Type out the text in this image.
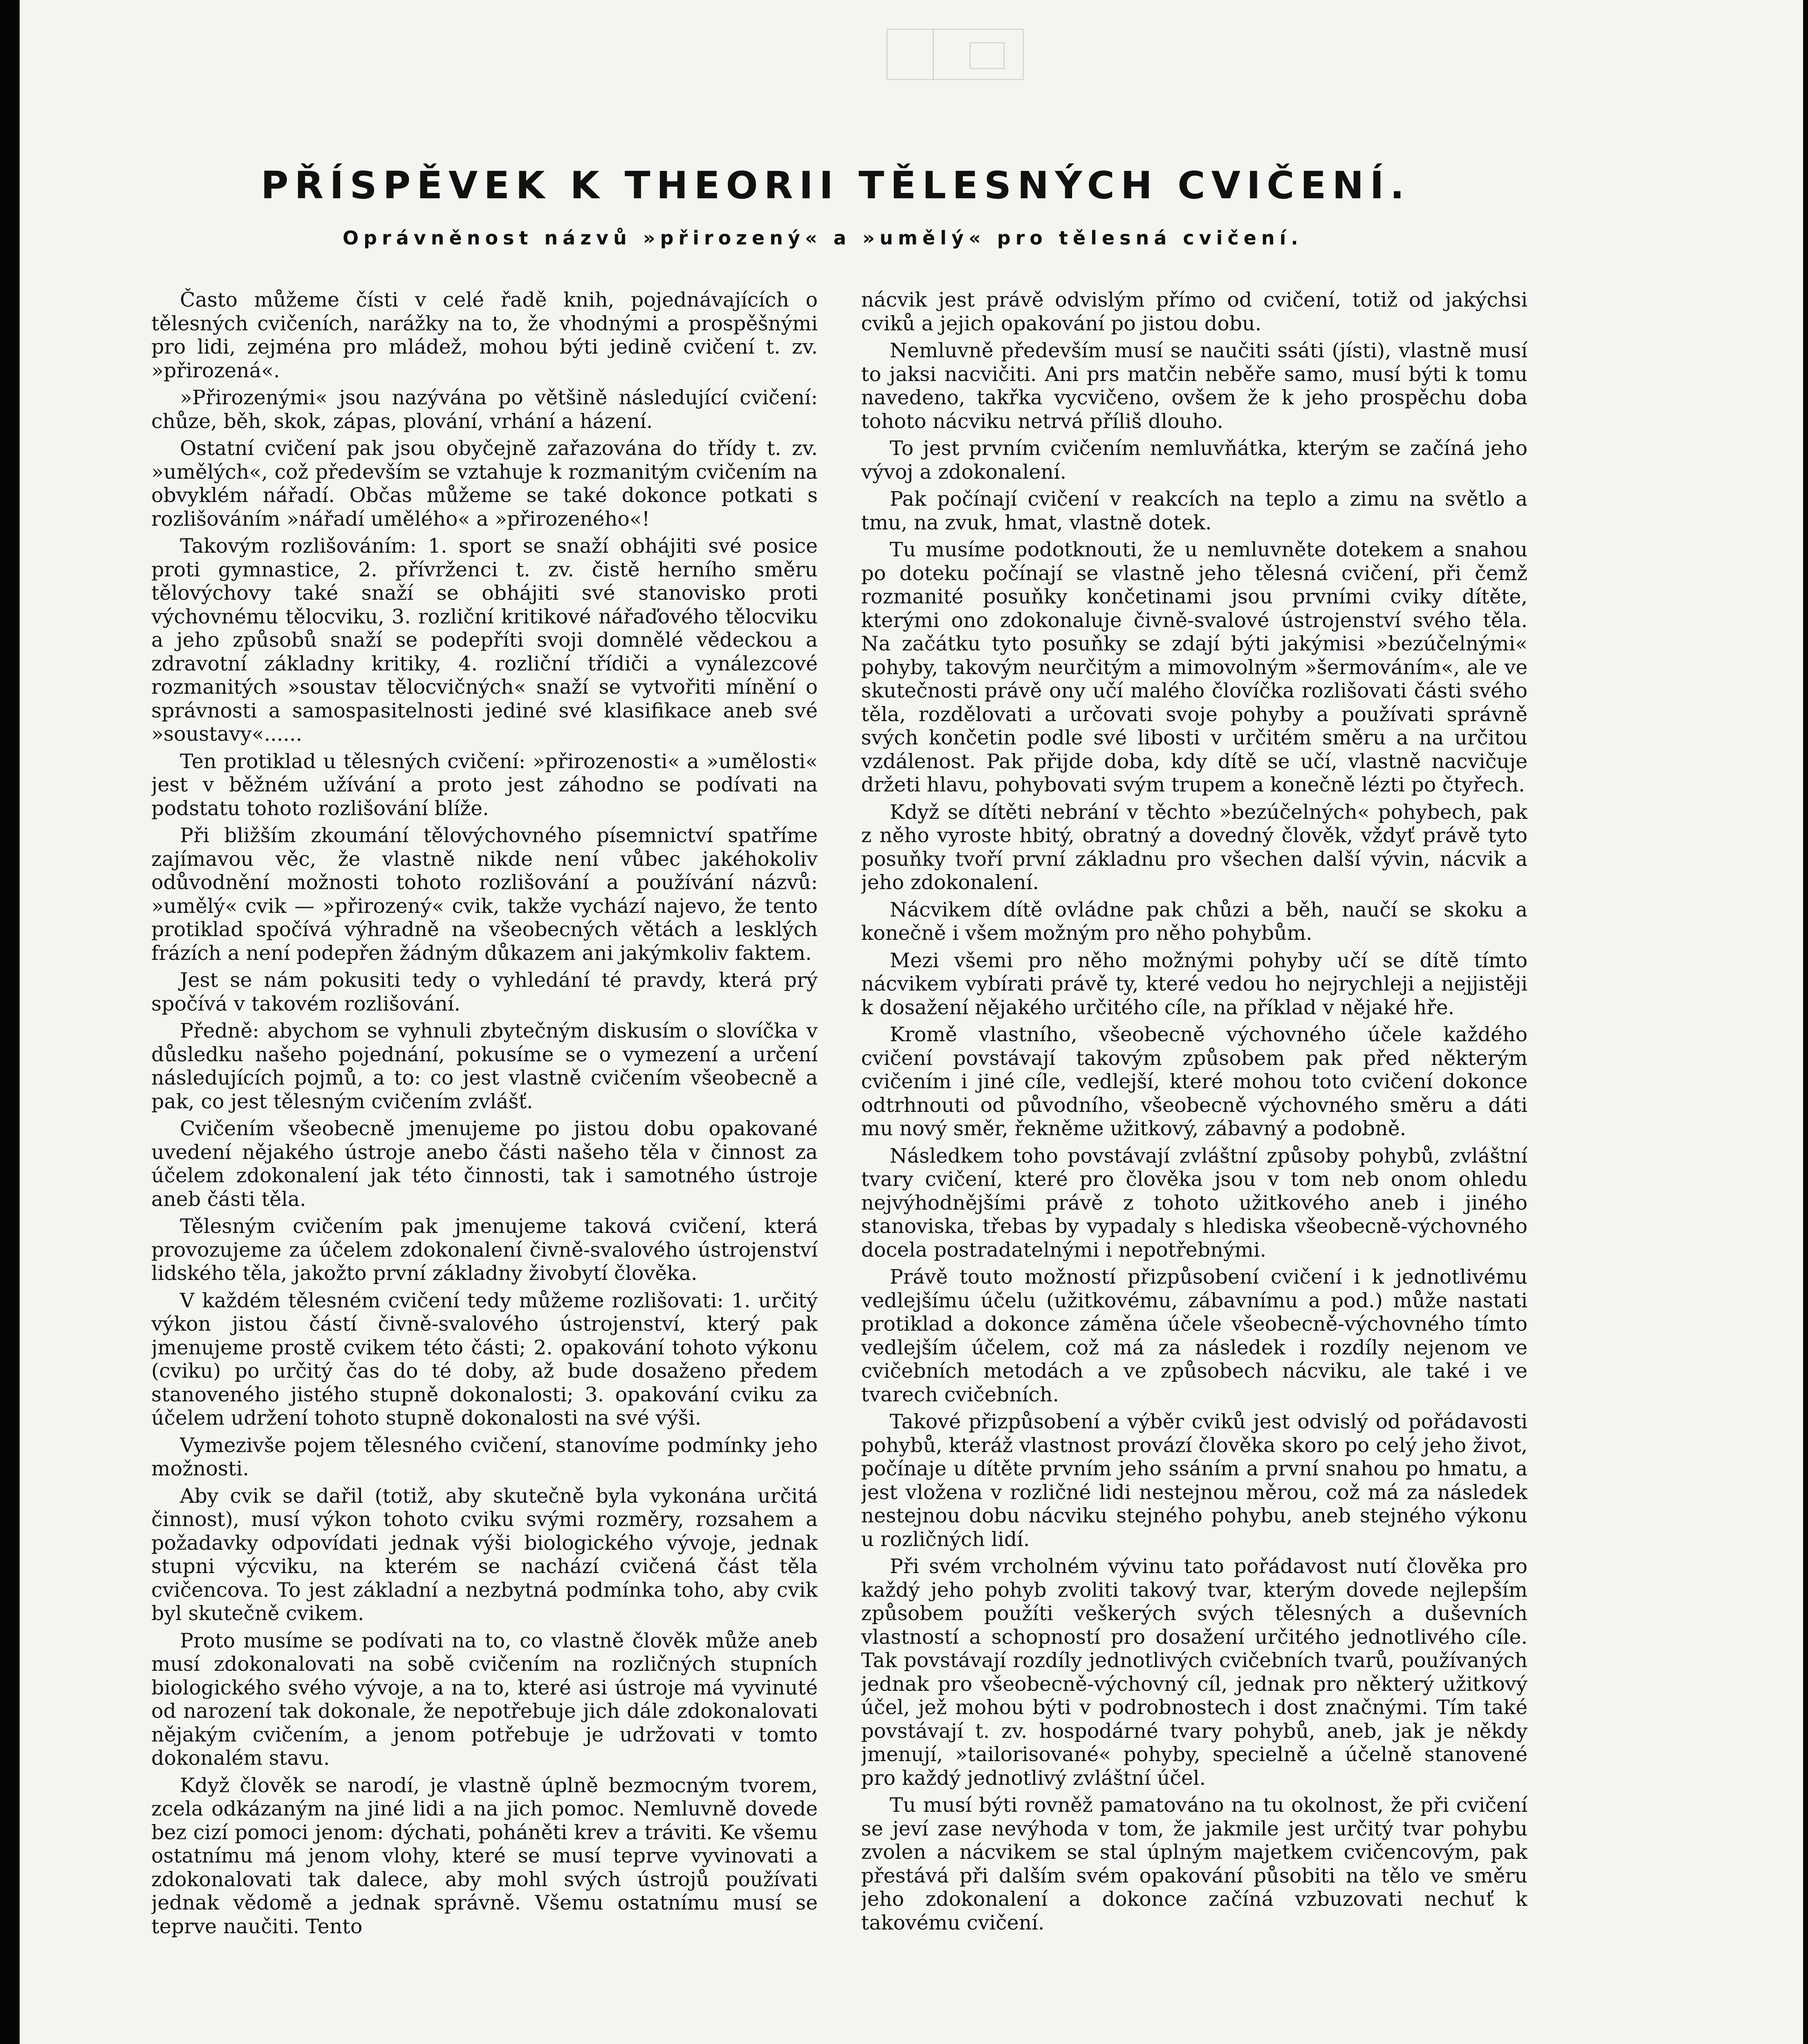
PŘÍSPĚVEK K THEORII TĚLESNÝCH CVIČENÍ.
Oprávněnost názvů »přirozený« a »umělý« pro tělesná cvičení.

Často můžeme čísti v celé řadě knih, pojednávajících o tělesných cvičeních, narážky na to, že vhodnými a prospěšnými pro lidi, zejména pro mládež, mohou býti jedině cvičení t. zv. »přirozená«.

»Přirozenými« jsou nazývána po většině následující cvičení: chůze, běh, skok, zápas, plování, vrhání a házení.

Ostatní cvičení pak jsou obyčejně zařazována do třídy t. zv. »umělých«, což především se vztahuje k rozmanitým cvičením na obvyklém nářadí. Občas můžeme se také dokonce potkati s rozlišováním »nářadí umělého« a »přirozeného«!

Takovým rozlišováním: 1. sport se snaží obhájiti své posice proti gymnastice, 2. přívrženci t. zv. čistě herního směru tělovýchovy také snaží se obhájiti své stanovisko proti výchovnému tělocviku, 3. rozliční kritikové nářaďového tělocviku a jeho způsobů snaží se podepříti svoji domnělé vědeckou a zdravotní základny kritiky, 4. rozliční třídiči a vynálezcové rozmanitých »soustav tělocvičných« snaží se vytvořiti mínění o správnosti a samospasitelnosti jediné své klasifikace aneb své »soustavy«......

Ten protiklad u tělesných cvičení: »přirozenosti« a »umělosti« jest v běžném užívání a proto jest záhodno se podívati na podstatu tohoto rozlišování blíže.

Při bližším zkoumání tělovýchovného písemnictví spatříme zajímavou věc, že vlastně nikde není vůbec jakéhokoliv odůvodnění možnosti tohoto rozlišování a používání názvů: »umělý« cvik — »přirozený« cvik, takže vychází najevo, že tento protiklad spočívá výhradně na všeobecných větách a lesklých frázích a není podepřen žádným důkazem ani jakýmkoliv faktem.

Jest se nám pokusiti tedy o vyhledání té pravdy, která prý spočívá v takovém rozlišování.

Předně: abychom se vyhnuli zbytečným diskusím o slovíčka v důsledku našeho pojednání, pokusíme se o vymezení a určení následujících pojmů, a to: co jest vlastně cvičením všeobecně a pak, co jest tělesným cvičením zvlášť.

Cvičením všeobecně jmenujeme po jistou dobu opakované uvedení nějakého ústroje anebo části našeho těla v činnost za účelem zdokonalení jak této činnosti, tak i samotného ústroje aneb části těla.

Tělesným cvičením pak jmenujeme taková cvičení, která provozujeme za účelem zdokonalení čivně-svalového ústrojenství lidského těla, jakožto první základny živobytí člověka.

V každém tělesném cvičení tedy můžeme rozlišovati: 1. určitý výkon jistou částí čivně-svalového ústrojenství, který pak jmenujeme prostě cvikem této části; 2. opakování tohoto výkonu (cviku) po určitý čas do té doby, až bude dosaženo předem stanoveného jistého stupně dokonalosti; 3. opakování cviku za účelem udržení tohoto stupně dokonalosti na své výši.

Vymezivše pojem tělesného cvičení, stanovíme podmínky jeho možnosti.

Aby cvik se dařil (totiž, aby skutečně byla vykonána určitá činnost), musí výkon tohoto cviku svými rozměry, rozsahem a požadavky odpovídati jednak výši biologického vývoje, jednak stupni výcviku, na kterém se nachází cvičená část těla cvičencova. To jest základní a nezbytná podmínka toho, aby cvik byl skutečně cvikem.

Proto musíme se podívati na to, co vlastně člověk může aneb musí zdokonalovati na sobě cvičením na rozličných stupních biologického svého vývoje, a na to, které asi ústroje má vyvinuté od narození tak dokonale, že nepotřebuje jich dále zdokonalovati nějakým cvičením, a jenom potřebuje je udržovati v tomto dokonalém stavu.

Když člověk se narodí, je vlastně úplně bezmocným tvorem, zcela odkázaným na jiné lidi a na jich pomoc. Nemluvně dovede bez cizí pomoci jenom: dýchati, poháněti krev a tráviti. Ke všemu ostatnímu má jenom vlohy, které se musí teprve vyvinovati a zdokonalovati tak dalece, aby mohl svých ústrojů používati jednak vědomě a jednak správně. Všemu ostatnímu musí se teprve naučiti. Tento

nácvik jest právě odvislým přímo od cvičení, totiž od jakýchsi cviků a jejich opakování po jistou dobu.

Nemluvně především musí se naučiti ssáti (jísti), vlastně musí to jaksi nacvičiti. Ani prs matčin neběře samo, musí býti k tomu navedeno, takřka vycvičeno, ovšem že k jeho prospěchu doba tohoto nácviku netrvá příliš dlouho.

To jest prvním cvičením nemluvňátka, kterým se začíná jeho vývoj a zdokonalení.

Pak počínají cvičení v reakcích na teplo a zimu na světlo a tmu, na zvuk, hmat, vlastně dotek.

Tu musíme podotknouti, že u nemluvněte dotekem a snahou po doteku počínají se vlastně jeho tělesná cvičení, při čemž rozmanité posuňky končetinami jsou prvními cviky dítěte, kterými ono zdokonaluje čivně-svalové ústrojenství svého těla. Na začátku tyto posuňky se zdají býti jakýmisi »bezúčelnými« pohyby, takovým neurčitým a mimovolným »šermováním«, ale ve skutečnosti právě ony učí malého človíčka rozlišovati části svého těla, rozdělovati a určovati svoje pohyby a používati správně svých končetin podle své libosti v určitém směru a na určitou vzdálenost. Pak přijde doba, kdy dítě se učí, vlastně nacvičuje držeti hlavu, pohybovati svým trupem a konečně lézti po čtyřech.

Když se dítěti nebrání v těchto »bezúčelných« pohybech, pak z něho vyroste hbitý, obratný a dovedný člověk, vždyť právě tyto posuňky tvoří první základnu pro všechen další vývin, nácvik a jeho zdokonalení.

Nácvikem dítě ovládne pak chůzi a běh, naučí se skoku a konečně i všem možným pro něho pohybům.

Mezi všemi pro něho možnými pohyby učí se dítě tímto nácvikem vybírati právě ty, které vedou ho nejrychleji a nejjistěji k dosažení nějakého určitého cíle, na příklad v nějaké hře.

Kromě vlastního, všeobecně výchovného účele každého cvičení povstávají takovým způsobem pak před některým cvičením i jiné cíle, vedlejší, které mohou toto cvičení dokonce odtrhnouti od původního, všeobecně výchovného směru a dáti mu nový směr, řekněme užitkový, zábavný a podobně.

Následkem toho povstávají zvláštní způsoby pohybů, zvláštní tvary cvičení, které pro člověka jsou v tom neb onom ohledu nejvýhodnějšími právě z tohoto užitkového aneb i jiného stanoviska, třebas by vypadaly s hlediska všeobecně-výchovného docela postradatelnými i nepotřebnými.

Právě touto možností přizpůsobení cvičení i k jednotlivému vedlejšímu účelu (užitkovému, zábavnímu a pod.) může nastati protiklad a dokonce záměna účele všeobecně-výchovného tímto vedlejším účelem, což má za následek i rozdíly nejenom ve cvičebních metodách a ve způsobech nácviku, ale také i ve tvarech cvičebních.

Takové přizpůsobení a výběr cviků jest odvislý od pořádavosti pohybů, kteráž vlastnost provází člověka skoro po celý jeho život, počínaje u dítěte prvním jeho ssáním a první snahou po hmatu, a jest vložena v rozličné lidi nestejnou měrou, což má za následek nestejnou dobu nácviku stejného pohybu, aneb stejného výkonu u rozličných lidí.

Při svém vrcholném vývinu tato pořádavost nutí člověka pro každý jeho pohyb zvoliti takový tvar, kterým dovede nejlepším způsobem použíti veškerých svých tělesných a duševních vlastností a schopností pro dosažení určitého jednotlivého cíle. Tak povstávají rozdíly jednotlivých cvičebních tvarů, používaných jednak pro všeobecně-výchovný cíl, jednak pro některý užitkový účel, jež mohou býti v podrobnostech i dost značnými. Tím také povstávají t. zv. hospodárné tvary pohybů, aneb, jak je někdy jmenují, »tailorisované« pohyby, specielně a účelně stanovené pro každý jednotlivý zvláštní účel.

Tu musí býti rovněž pamatováno na tu okolnost, že při cvičení se jeví zase nevýhoda v tom, že jakmile jest určitý tvar pohybu zvolen a nácvikem se stal úplným majetkem cvičencovým, pak přestává při dalším svém opakování působiti na tělo ve směru jeho zdokonalení a dokonce začíná vzbuzovati nechuť k takovému cvičení.
